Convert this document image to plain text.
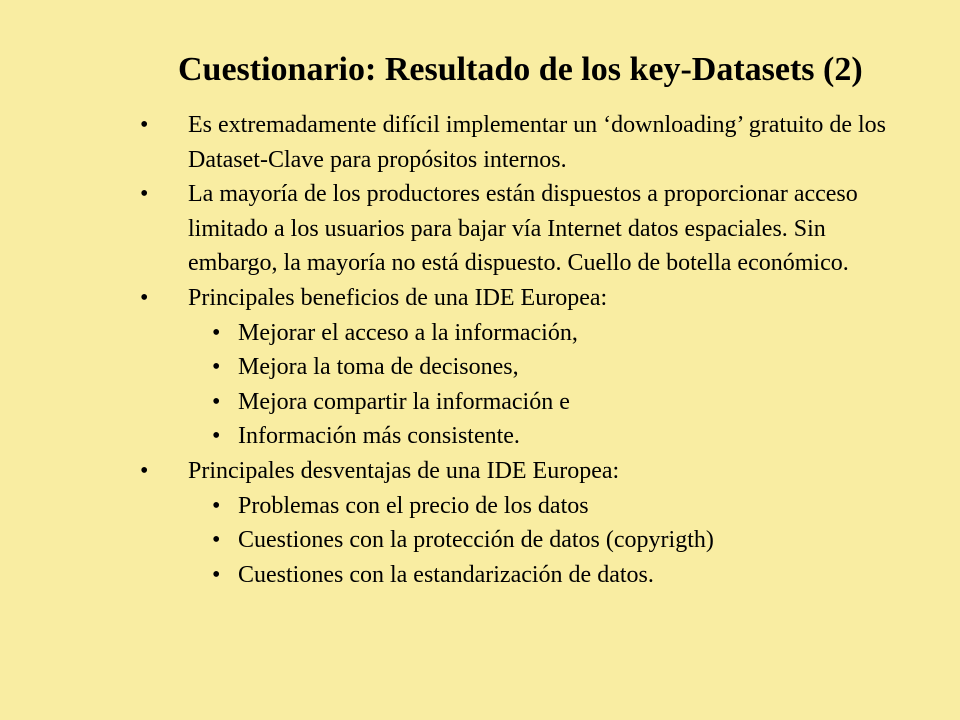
Cuestionario: Resultado de los key-Datasets (2)
• Es extremadamente difícil implementar un ‘downloading’ gratuito de los Dataset-Clave para propósitos internos.
• La mayoría de los productores están dispuestos a proporcionar acceso limitado a los usuarios para bajar vía Internet datos espaciales. Sin embargo, la mayoría no está dispuesto. Cuello de botella económico.
• Principales beneficios de una IDE Europea:
• Mejorar el acceso a la información,
• Mejora la toma de decisones,
• Mejora compartir la información e
• Información más consistente.
• Principales desventajas de una IDE Europea:
• Problemas con el precio de los datos
• Cuestiones con la protección de datos (copyrigth)
• Cuestiones con la estandarización de datos.
